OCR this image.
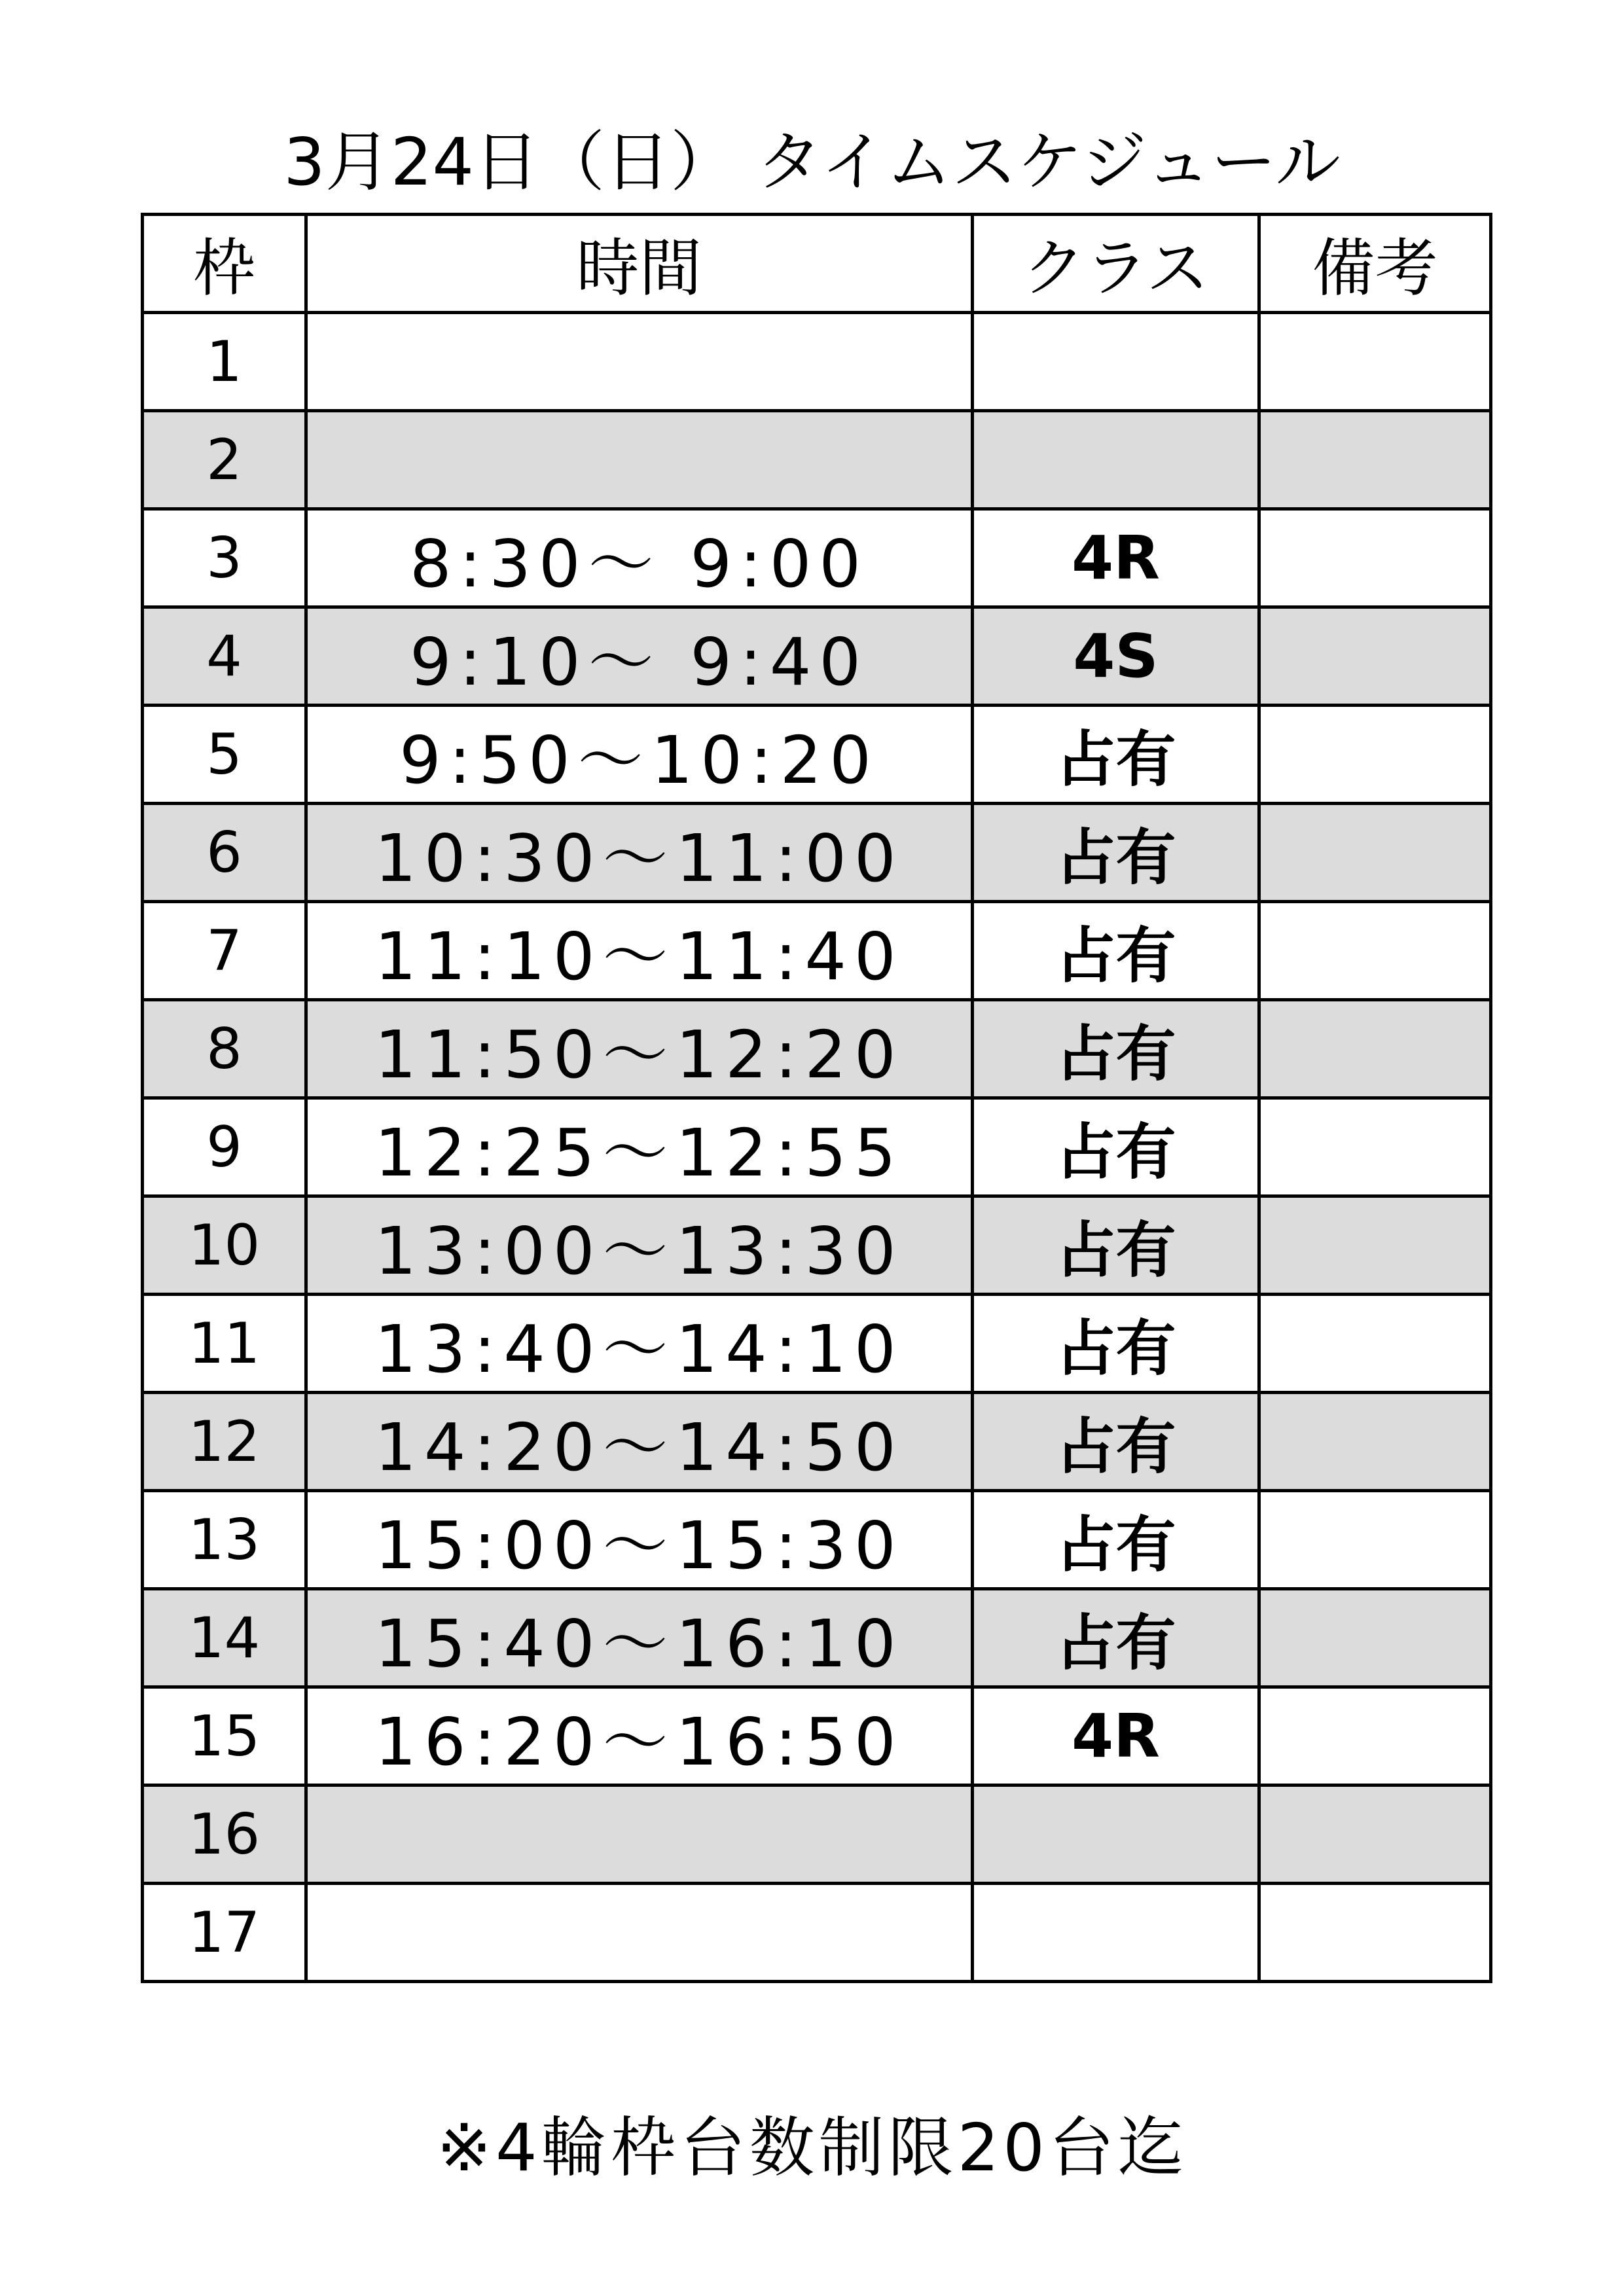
3月24日（日） タイムスケジュール
枠	時間	クラス	備考
1			
2			
3	8:30～ 9:00	4R	
4	9:10～ 9:40	4S	
5	9:50～10:20	占有	
6	10:30～11:00	占有	
7	11:10～11:40	占有	
8	11:50～12:20	占有	
9	12:25～12:55	占有	
10	13:00～13:30	占有	
11	13:40～14:10	占有	
12	14:20～14:50	占有	
13	15:00～15:30	占有	
14	15:40～16:10	占有	
15	16:20～16:50	4R	
16			
17			
※4輪枠台数制限20台迄
